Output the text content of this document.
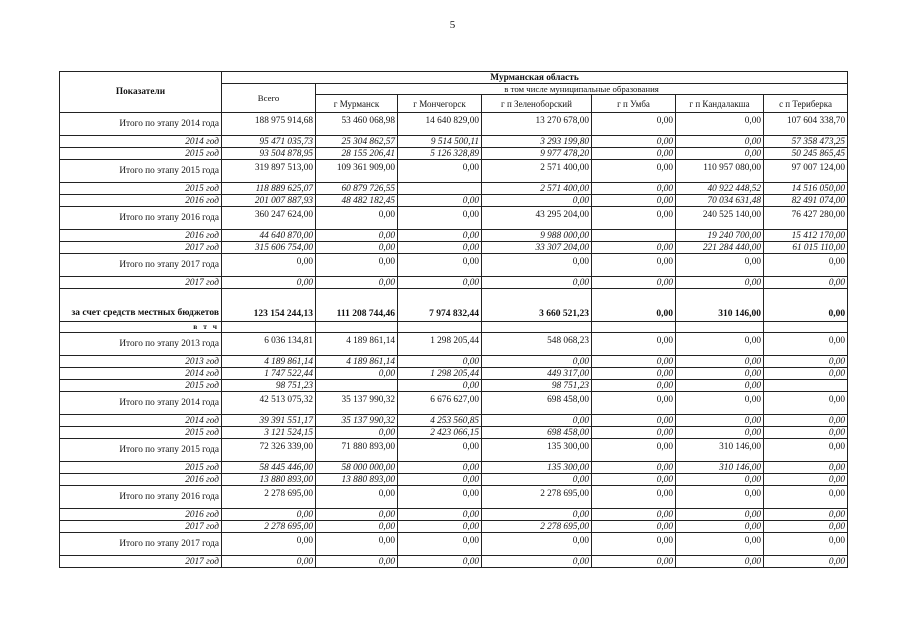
5
Показатели	Мурманская область						
	Всего	в том числе муниципальные образования					
		г Мурманск	г Мончегорск	г п Зеленоборский	г п Умба	г п Кандалакша	с п Териберка
Итого по этапу 2014 года	188 975 914,68	53 460 068,98	14 640 829,00	13 270 678,00	0,00	0,00	107 604 338,70
2014 год	95 471 035,73	25 304 862,57	9 514 500,11	3 293 199,80	0,00	0,00	57 358 473,25
2015 год	93 504 878,95	28 155 206,41	5 126 328,89	9 977 478,20	0,00	0,00	50 245 865,45
Итого по этапу 2015 года	319 897 513,00	109 361 909,00	0,00	2 571 400,00	0,00	110 957 080,00	97 007 124,00
2015 год	118 889 625,07	60 879 726,55		2 571 400,00	0,00	40 922 448,52	14 516 050,00
2016 год	201 007 887,93	48 482 182,45	0,00	0,00	0,00	70 034 631,48	82 491 074,00
Итого по этапу 2016 года	360 247 624,00	0,00	0,00	43 295 204,00	0,00	240 525 140,00	76 427 280,00
2016 год	44 640 870,00	0,00	0,00	9 988 000,00		19 240 700,00	15 412 170,00
2017 год	315 606 754,00	0,00	0,00	33 307 204,00	0,00	221 284 440,00	61 015 110,00
Итого по этапу 2017 года	0,00	0,00	0,00	0,00	0,00	0,00	0,00
2017 год	0,00	0,00	0,00	0,00	0,00	0,00	0,00
за счет средств местных бюджетов	123 154 244,13	111 208 744,46	7 974 832,44	3 660 521,23	0,00	310 146,00	0,00
в т ч							
Итого по этапу 2013 года	6 036 134,81	4 189 861,14	1 298 205,44	548 068,23	0,00	0,00	0,00
2013 год	4 189 861,14	4 189 861,14	0,00	0,00	0,00	0,00	0,00
2014 год	1 747 522,44	0,00	1 298 205,44	449 317,00	0,00	0,00	0,00
2015 год	98 751,23		0,00	98 751,23	0,00	0,00	
Итого по этапу 2014 года	42 513 075,32	35 137 990,32	6 676 627,00	698 458,00	0,00	0,00	0,00
2014 год	39 391 551,17	35 137 990,32	4 253 560,85	0,00	0,00	0,00	0,00
2015 год	3 121 524,15	0,00	2 423 066,15	698 458,00	0,00	0,00	0,00
Итого по этапу 2015 года	72 326 339,00	71 880 893,00	0,00	135 300,00	0,00	310 146,00	0,00
2015 год	58 445 446,00	58 000 000,00	0,00	135 300,00	0,00	310 146,00	0,00
2016 год	13 880 893,00	13 880 893,00	0,00	0,00	0,00	0,00	0,00
Итого по этапу 2016 года	2 278 695,00	0,00	0,00	2 278 695,00	0,00	0,00	0,00
2016 год	0,00	0,00	0,00	0,00	0,00	0,00	0,00
2017 год	2 278 695,00	0,00	0,00	2 278 695,00	0,00	0,00	0,00
Итого по этапу 2017 года	0,00	0,00	0,00	0,00	0,00	0,00	0,00
2017 год	0,00	0,00	0,00	0,00	0,00	0,00	0,00
